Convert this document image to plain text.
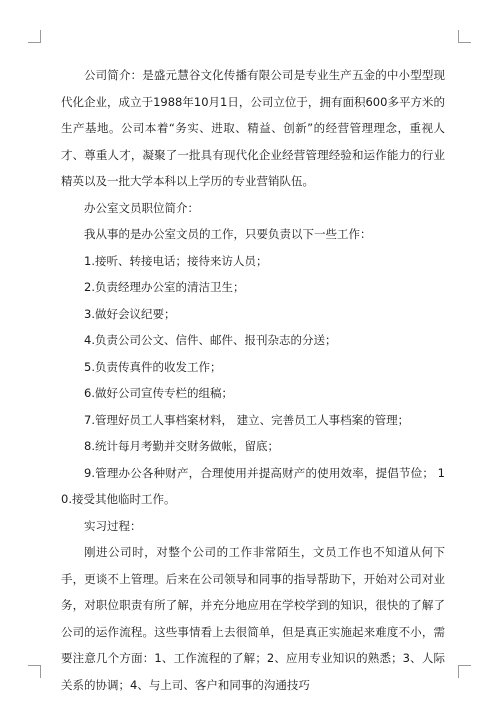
公司简介：是盛元慧谷文化传播有限公司是专业生产五金的中小型型现代化企业，成立于1988年10月1日，公司立位于，拥有面积600多平方米的生产基地。公司本着“务实、进取、精益、创新”的经营管理理念，重视人才、尊重人才，凝聚了一批具有现代化企业经营管理经验和运作能力的行业精英以及一批大学本科以上学历的专业营销队伍。

办公室文员职位简介：

我从事的是办公室文员的工作，只要负责以下一些工作：

1.接听、转接电话；接待来访人员；

2.负责经理办公室的清洁卫生；

3.做好会议纪要；

4.负责公司公文、信件、邮件、报刊杂志的分送；

5.负责传真件的收发工作；

6.做好公司宣传专栏的组稿；

7.管理好员工人事档案材料， 建立、完善员工人事档案的管理；

8.统计每月考勤并交财务做帐，留底；

9.管理办公各种财产，合理使用并提高财产的使用效率，提倡节俭； 10.接受其他临时工作。

实习过程：

刚进公司时，对整个公司的工作非常陌生，文员工作也不知道从何下手，更谈不上管理。后来在公司领导和同事的指导帮助下，开始对公司对业务，对职位职责有所了解，并充分地应用在学校学到的知识，很快的了解了公司的运作流程。这些事情看上去很简单，但是真正实施起来难度不小，需要注意几个方面：1、工作流程的了解；2、应用专业知识的熟悉；3、人际关系的协调；4、与上司、客户和同事的沟通技巧
